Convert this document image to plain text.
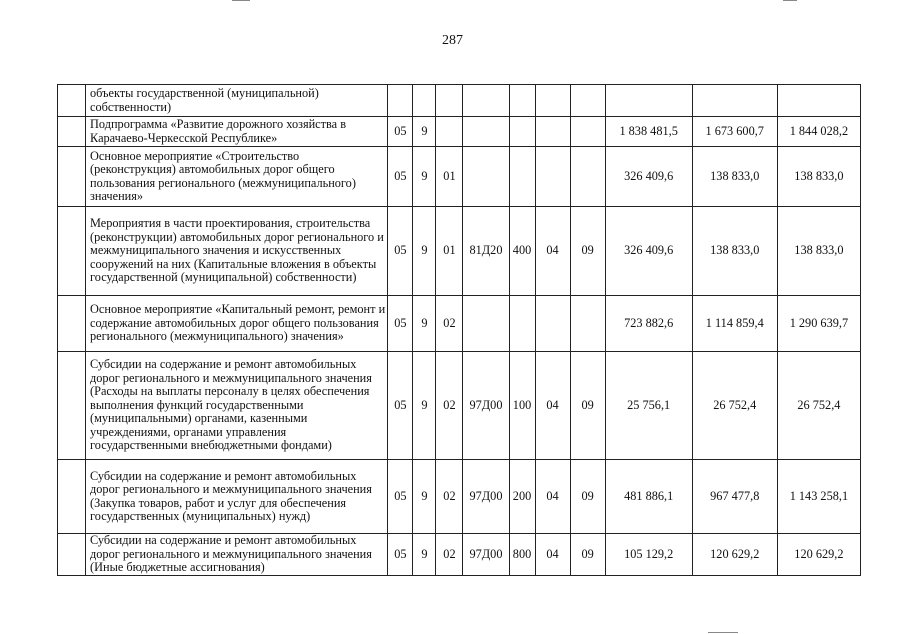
287
	объекты государственной (муниципальной) собственности)										
	Подпрограмма «Развитие дорожного хозяйства в Карачаево-Черкесской Республике»	05	9						1 838 481,5	1 673 600,7	1 844 028,2
	Основное мероприятие «Строительство (реконструкция) автомобильных дорог общего пользования регионального (межмуниципального) значения»	05	9	01					326 409,6	138 833,0	138 833,0
	Мероприятия в части проектирования, строительства (реконструкции) автомобильных дорог регионального и межмуниципального значения и искусственных сооружений на них (Капитальные вложения в объекты государственной (муниципальной) собственности)	05	9	01	81Д20	400	04	09	326 409,6	138 833,0	138 833,0
	Основное мероприятие «Капитальный ремонт, ремонт и содержание автомобильных дорог общего пользования регионального (межмуниципального) значения»	05	9	02					723 882,6	1 114 859,4	1 290 639,7
	Субсидии на содержание и ремонт автомобильных дорог регионального и межмуниципального значения (Расходы на выплаты персоналу в целях обеспечения выполнения функций государственными (муниципальными) органами, казенными учреждениями, органами управления государственными внебюджетными фондами)	05	9	02	97Д00	100	04	09	25 756,1	26 752,4	26 752,4
	Субсидии на содержание и ремонт автомобильных дорог регионального и межмуниципального значения (Закупка товаров, работ и услуг для обеспечения государственных (муниципальных) нужд)	05	9	02	97Д00	200	04	09	481 886,1	967 477,8	1 143 258,1
	Субсидии на содержание и ремонт автомобильных дорог регионального и межмуниципального значения (Иные бюджетные ассигнования)	05	9	02	97Д00	800	04	09	105 129,2	120 629,2	120 629,2
